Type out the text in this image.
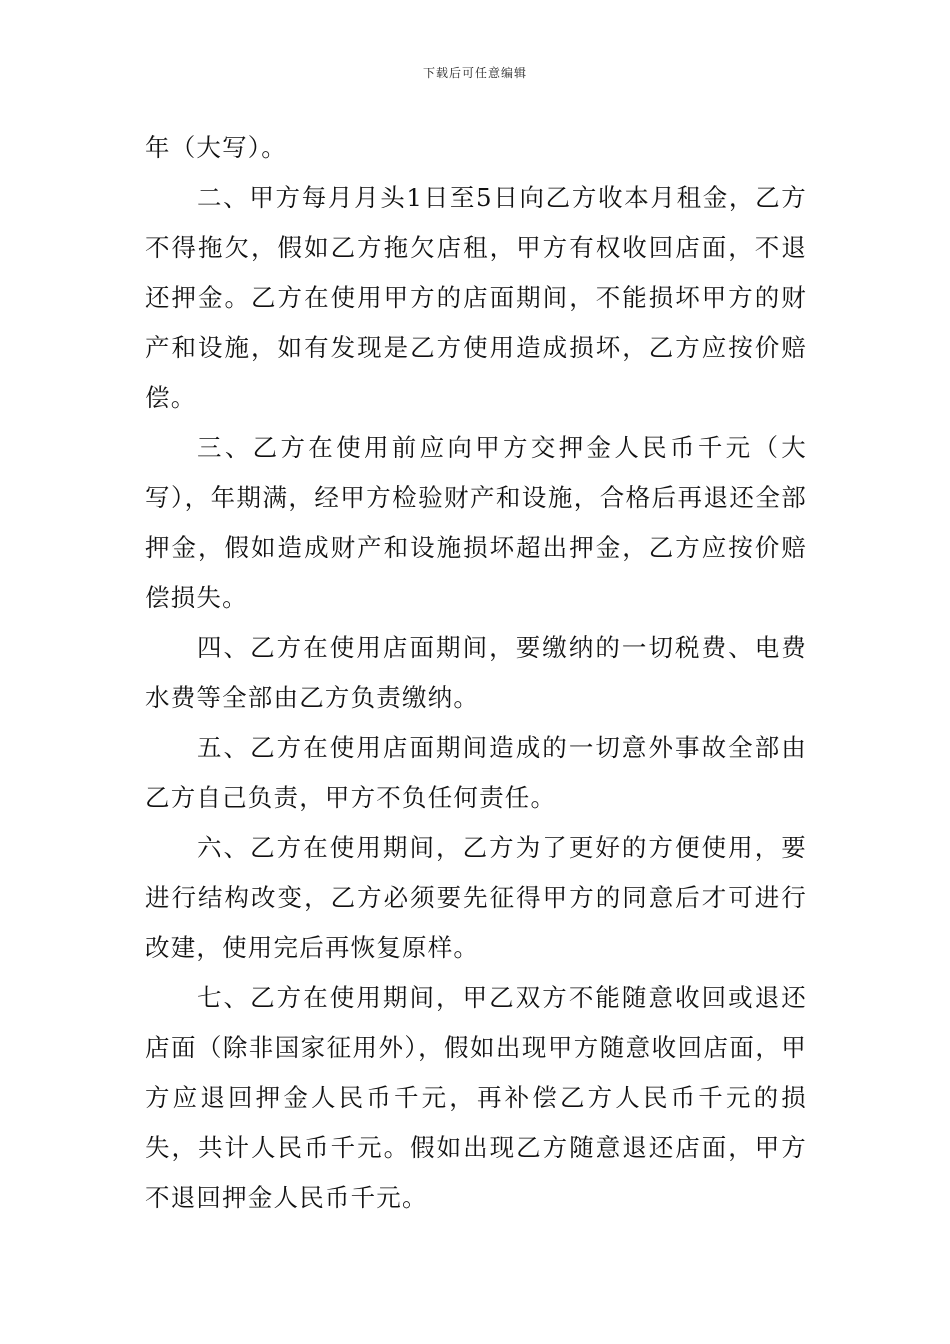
下载后可任意编辑

年（大写）。

二、甲方每月月头1日至5日向乙方收本月租金，乙方不得拖欠，假如乙方拖欠店租，甲方有权收回店面，不退还押金。乙方在使用甲方的店面期间，不能损坏甲方的财产和设施，如有发现是乙方使用造成损坏，乙方应按价赔偿。

三、乙方在使用前应向甲方交押金人民币千元（大写），年期满，经甲方检验财产和设施，合格后再退还全部押金，假如造成财产和设施损坏超出押金，乙方应按价赔偿损失。

四、乙方在使用店面期间，要缴纳的一切税费、电费水费等全部由乙方负责缴纳。

五、乙方在使用店面期间造成的一切意外事故全部由乙方自己负责，甲方不负任何责任。

六、乙方在使用期间，乙方为了更好的方便使用，要进行结构改变，乙方必须要先征得甲方的同意后才可进行改建，使用完后再恢复原样。

七、乙方在使用期间，甲乙双方不能随意收回或退还店面（除非国家征用外），假如出现甲方随意收回店面，甲方应退回押金人民币千元，再补偿乙方人民币千元的损失，共计人民币千元。假如出现乙方随意退还店面，甲方不退回押金人民币千元。
